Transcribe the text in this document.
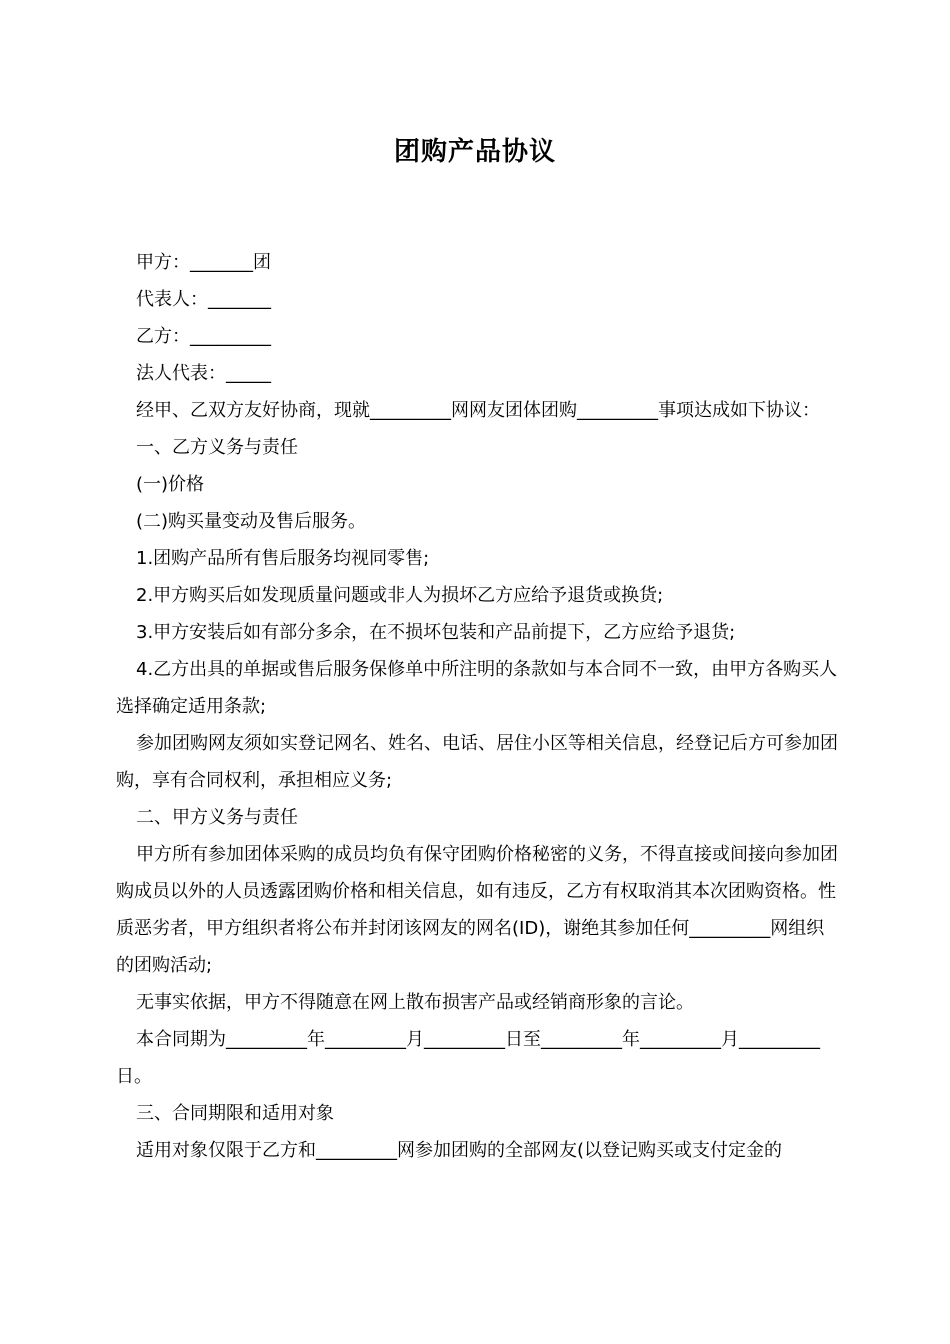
团购产品协议

甲方：_______团

代表人：_______

乙方：_________

法人代表：_____

经甲、乙双方友好协商，现就_________网网友团体团购_________事项达成如下协议：

一、乙方义务与责任

(一)价格

(二)购买量变动及售后服务。

1.团购产品所有售后服务均视同零售;

2.甲方购买后如发现质量问题或非人为损坏乙方应给予退货或换货;

3.甲方安装后如有部分多余，在不损坏包装和产品前提下，乙方应给予退货;

4.乙方出具的单据或售后服务保修单中所注明的条款如与本合同不一致，由甲方各购买人选择确定适用条款;

参加团购网友须如实登记网名、姓名、电话、居住小区等相关信息，经登记后方可参加团购，享有合同权利，承担相应义务;

二、甲方义务与责任

甲方所有参加团体采购的成员均负有保守团购价格秘密的义务，不得直接或间接向参加团购成员以外的人员透露团购价格和相关信息，如有违反，乙方有权取消其本次团购资格。性质恶劣者，甲方组织者将公布并封闭该网友的网名(ID)，谢绝其参加任何_________网组织的团购活动;

无事实依据，甲方不得随意在网上散布损害产品或经销商形象的言论。

本合同期为_________年_________月_________日至_________年_________月_________日。

三、合同期限和适用对象

适用对象仅限于乙方和_________网参加团购的全部网友(以登记购买或支付定金的
